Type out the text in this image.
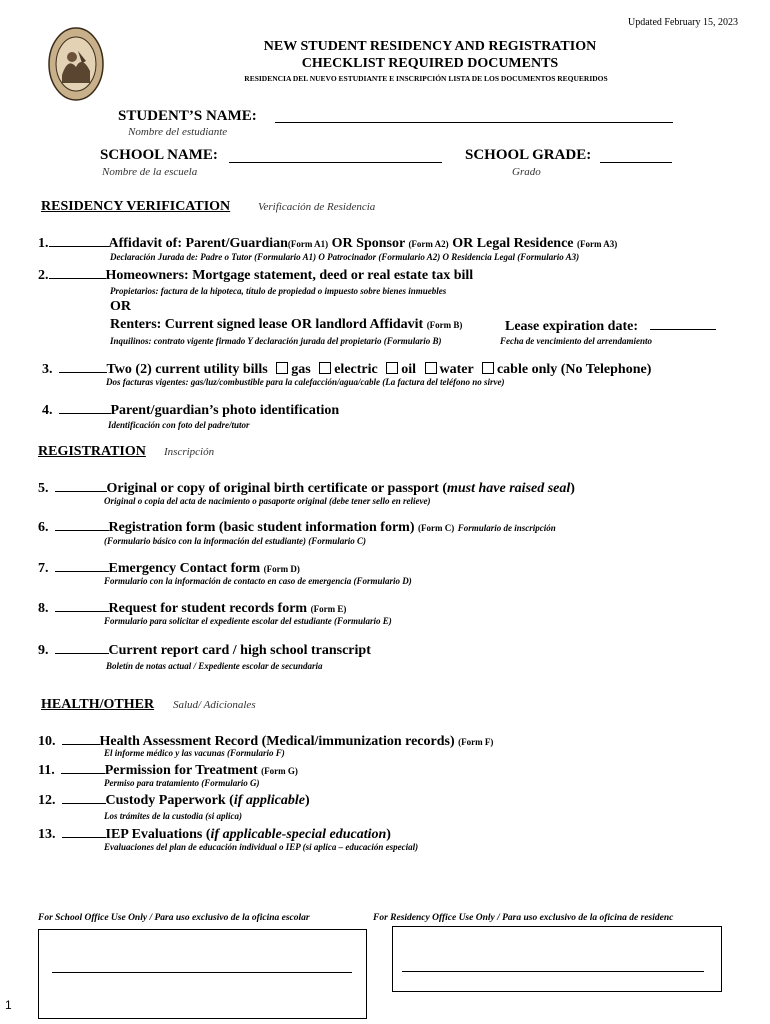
Updated February 15, 2023
NEW STUDENT RESIDENCY AND REGISTRATION
CHECKLIST REQUIRED DOCUMENTS
RESIDENCIA DEL NUEVO ESTUDIANTE E INSCRIPCIÓN LISTA DE LOS DOCUMENTOS REQUERIDOS
STUDENT’S NAME:
Nombre del estudiante
SCHOOL NAME:
Nombre de la escuela
SCHOOL GRADE:
Grado
RESIDENCY VERIFICATION	Verificación de Residencia
1.	Affidavit of: Parent/Guardian(Form A1) OR Sponsor (Form A2) OR Legal Residence (Form A3)
Declaración Jurada de: Padre o Tutor (Formulario A1) O Patrocinador (Formulario A2) O Residencia Legal (Formulario A3)
2.	Homeowners: Mortgage statement, deed or real estate tax bill
Propietarios: factura de la hipoteca, título de propiedad o impuesto sobre bienes inmuebles
OR
Renters: Current signed lease OR landlord Affidavit (Form B)	Lease expiration date:
Inquilinos: contrato vigente firmado Y declaración jurada del propietario (Formulario B)	Fecha de vencimiento del arrendamiento
3.	Two (2) current utility bills gas electric oil water cable only (No Telephone)
Dos facturas vigentes: gas/luz/combustible para la calefacción/agua/cable (La factura del teléfono no sirve)
4.	Parent/guardian’s photo identification
Identificación con foto del padre/tutor
REGISTRATION Inscripción
5.	Original or copy of original birth certificate or passport (must have raised seal)
Original o copia del acta de nacimiento o pasaporte original (debe tener sello en relieve)
6.	Registration form (basic student information form) (Form C) Formulario de inscripción
(Formulario básico con la información del estudiante) (Formulario C)
7.	Emergency Contact form (Form D)
Formulario con la información de contacto en caso de emergencia (Formulario D)
8.	Request for student records form (Form E)
Formulario para solicitar el expediente escolar del estudiante (Formulario E)
9.	Current report card / high school transcript
Boletín de notas actual / Expediente escolar de secundaria
HEALTH/OTHER Salud/ Adicionales
10.	Health Assessment Record (Medical/immunization records) (Form F)
El informe médico y las vacunas (Formulario F)
11.	Permission for Treatment (Form G)
Permiso para tratamiento (Formulario G)
12.	Custody Paperwork (if applicable)
Los trámites de la custodia (si aplica)
13.	IEP Evaluations (if applicable-special education)
Evaluaciones del plan de educación individual o IEP (si aplica – educación especial)
For School Office Use Only / Para uso exclusivo de la oficina escolar	For Residency Office Use Only / Para uso exclusivo de la oficina de residenc
1
